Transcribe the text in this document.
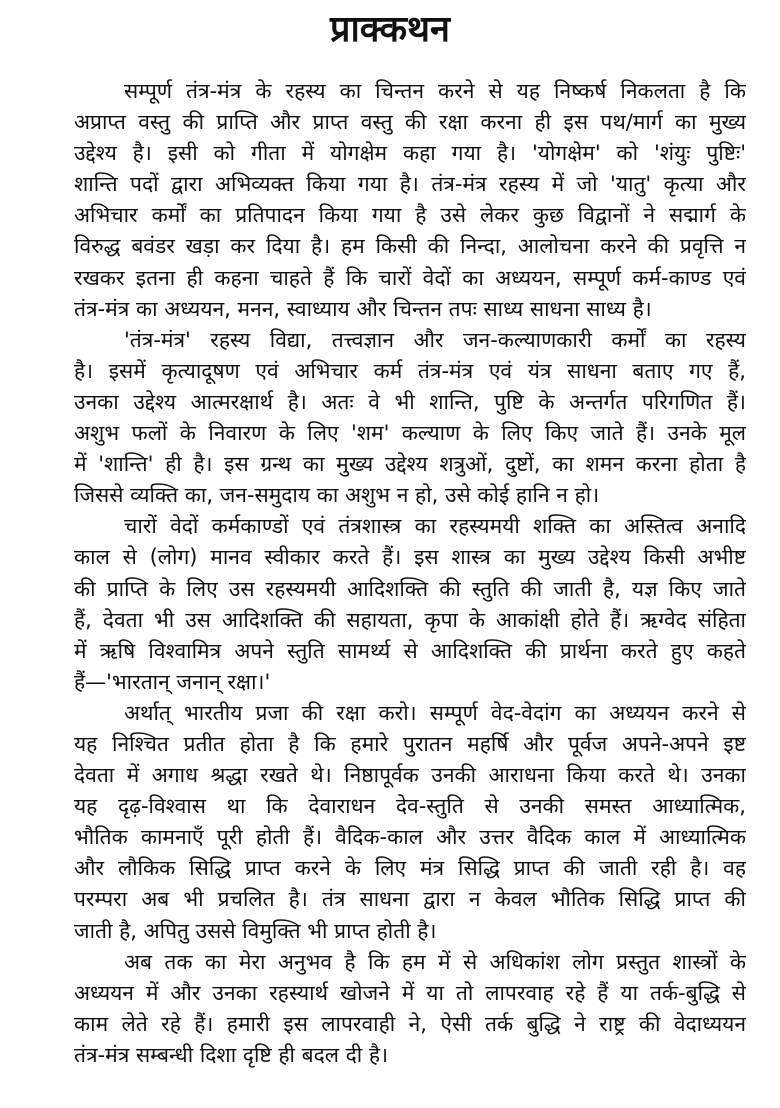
प्राक्कथन
सम्पूर्ण तंत्र-मंत्र के रहस्य का चिन्तन करने से यह निष्कर्ष निकलता है कि
अप्राप्त वस्तु की प्राप्ति और प्राप्त वस्तु की रक्षा करना ही इस पथ/मार्ग का मुख्य
उद्देश्य है। इसी को गीता में योगक्षेम कहा गया है। 'योगक्षेम' को 'शंयुः पुष्टिः'
शान्ति पदों द्वारा अभिव्यक्त किया गया है। तंत्र-मंत्र रहस्य में जो 'यातु' कृत्या और
अभिचार कर्मों का प्रतिपादन किया गया है उसे लेकर कुछ विद्वानों ने सद्मार्ग के
विरुद्ध बवंडर खड़ा कर दिया है। हम किसी की निन्दा, आलोचना करने की प्रवृत्ति न
रखकर इतना ही कहना चाहते हैं कि चारों वेदों का अध्ययन, सम्पूर्ण कर्म-काण्ड एवं
तंत्र-मंत्र का अध्ययन, मनन, स्वाध्याय और चिन्तन तपः साध्य साधना साध्य है।
'तंत्र-मंत्र' रहस्य विद्या, तत्त्वज्ञान और जन-कल्याणकारी कर्मों का रहस्य
है। इसमें कृत्यादूषण एवं अभिचार कर्म तंत्र-मंत्र एवं यंत्र साधना बताए गए हैं,
उनका उद्देश्य आत्मरक्षार्थ है। अतः वे भी शान्ति, पुष्टि के अन्तर्गत परिगणित हैं।
अशुभ फलों के निवारण के लिए 'शम' कल्याण के लिए किए जाते हैं। उनके मूल
में 'शान्ति' ही है। इस ग्रन्थ का मुख्य उद्देश्य शत्रुओं, दुष्टों, का शमन करना होता है
जिससे व्यक्ति का, जन-समुदाय का अशुभ न हो, उसे कोई हानि न हो।
चारों वेदों कर्मकाण्डों एवं तंत्रशास्त्र का रहस्यमयी शक्ति का अस्तित्व अनादि
काल से (लोग) मानव स्वीकार करते हैं। इस शास्त्र का मुख्य उद्देश्य किसी अभीष्ट
की प्राप्ति के लिए उस रहस्यमयी आदिशक्ति की स्तुति की जाती है, यज्ञ किए जाते
हैं, देवता भी उस आदिशक्ति की सहायता, कृपा के आकांक्षी होते हैं। ऋग्वेद संहिता
में ऋषि विश्वामित्र अपने स्तुति सामर्थ्य से आदिशक्ति की प्रार्थना करते हुए कहते
हैं—'भारतान् जनान् रक्षा।'
अर्थात् भारतीय प्रजा की रक्षा करो। सम्पूर्ण वेद-वेदांग का अध्ययन करने से
यह निश्चित प्रतीत होता है कि हमारे पुरातन महर्षि और पूर्वज अपने-अपने इष्ट
देवता में अगाध श्रद्धा रखते थे। निष्ठापूर्वक उनकी आराधना किया करते थे। उनका
यह दृढ़-विश्वास था कि देवाराधन देव-स्तुति से उनकी समस्त आध्यात्मिक,
भौतिक कामनाएँ पूरी होती हैं। वैदिक-काल और उत्तर वैदिक काल में आध्यात्मिक
और लौकिक सिद्धि प्राप्त करने के लिए मंत्र सिद्धि प्राप्त की जाती रही है। वह
परम्परा अब भी प्रचलित है। तंत्र साधना द्वारा न केवल भौतिक सिद्धि प्राप्त की
जाती है, अपितु उससे विमुक्ति भी प्राप्त होती है।
अब तक का मेरा अनुभव है कि हम में से अधिकांश लोग प्रस्तुत शास्त्रों के
अध्ययन में और उनका रहस्यार्थ खोजने में या तो लापरवाह रहे हैं या तर्क-बुद्धि से
काम लेते रहे हैं। हमारी इस लापरवाही ने, ऐसी तर्क बुद्धि ने राष्ट्र की वेदाध्ययन
तंत्र-मंत्र सम्बन्धी दिशा दृष्टि ही बदल दी है।
